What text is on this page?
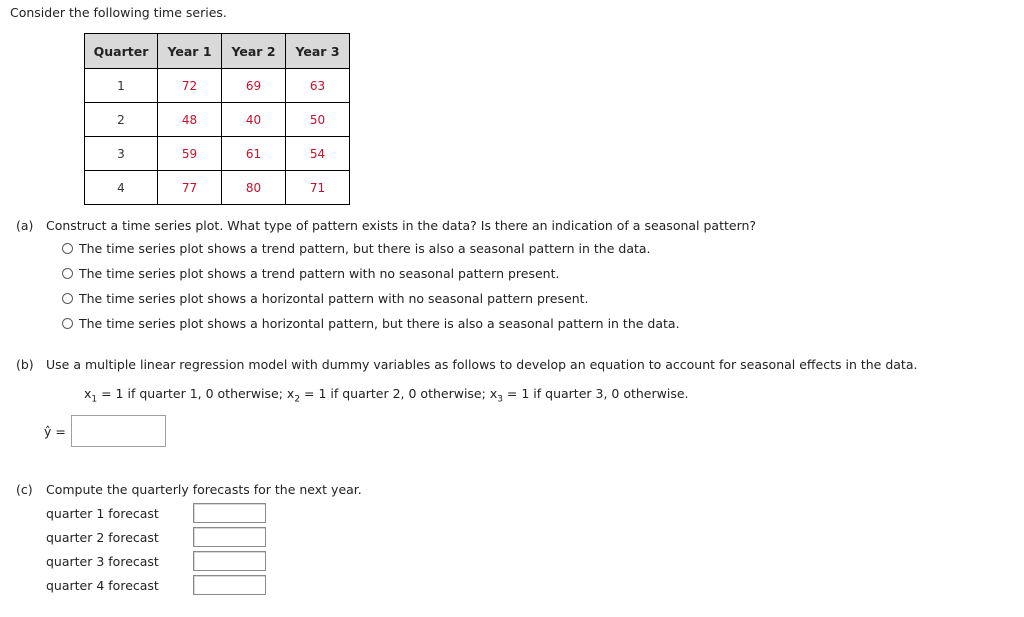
Consider the following time series.
Quarter	Year 1	Year 2	Year 3
1	72	69	63
2	48	40	50
3	59	61	54
4	77	80	71
(a) Construct a time series plot. What type of pattern exists in the data? Is there an indication of a seasonal pattern?
The time series plot shows a trend pattern, but there is also a seasonal pattern in the data.
The time series plot shows a trend pattern with no seasonal pattern present.
The time series plot shows a horizontal pattern with no seasonal pattern present.
The time series plot shows a horizontal pattern, but there is also a seasonal pattern in the data.
(b) Use a multiple linear regression model with dummy variables as follows to develop an equation to account for seasonal effects in the data.
$x_1 = 1$ if quarter 1, 0 otherwise; $x_2 = 1$ if quarter 2, 0 otherwise; $x_3 = 1$ if quarter 3, 0 otherwise.
ŷ =
(c) Compute the quarterly forecasts for the next year.
quarter 1 forecast
quarter 2 forecast
quarter 3 forecast
quarter 4 forecast
